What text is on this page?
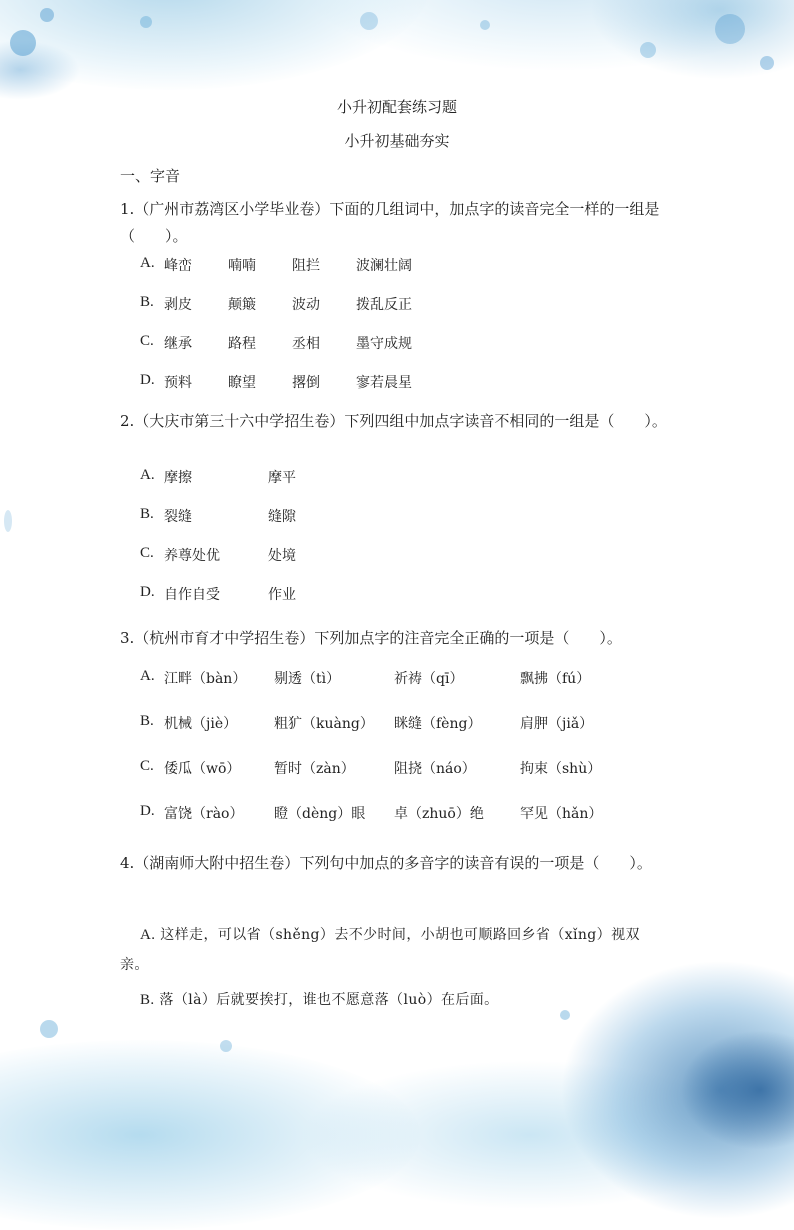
小升初配套练习题
小升初基础夯实
一、字音
1.（广州市荔湾区小学毕业卷）下面的几组词中，加点字的读音完全一样的一组是（　　）。
A. 峰峦	喃喃	阻拦	波澜壮阔
B. 剥皮	颠簸	波动	拨乱反正
C. 继承	路程	丞相	墨守成规
D. 预料	瞭望	撂倒	寥若晨星
2.（大庆市第三十六中学招生卷）下列四组中加点字读音不相同的一组是（　　）。
A. 摩擦	摩平
B. 裂缝	缝隙
C. 养尊处优	处境
D. 自作自受	作业
3.（杭州市育才中学招生卷）下列加点字的注音完全正确的一项是（　　）。
A. 江畔（bàn） 剔透（tì）	祈祷（qī）	飘拂（fú）
B. 机械（jiè）	粗犷（kuàng） 眯缝（fèng）	肩胛（jiǎ）
C. 倭瓜（wō） 暂时（zàn）	阻挠（náo）	拘束（shù）
D. 富饶（rào） 瞪（dèng）眼 卓（zhuō）绝	罕见（hǎn）
4.（湖南师大附中招生卷）下列句中加点的多音字的读音有误的一项是（　　）。
A. 这样走，可以省（shěng）去不少时间，小胡也可顺路回乡省（xǐng）视双亲。
B. 落（là）后就要挨打，谁也不愿意落（luò）在后面。
